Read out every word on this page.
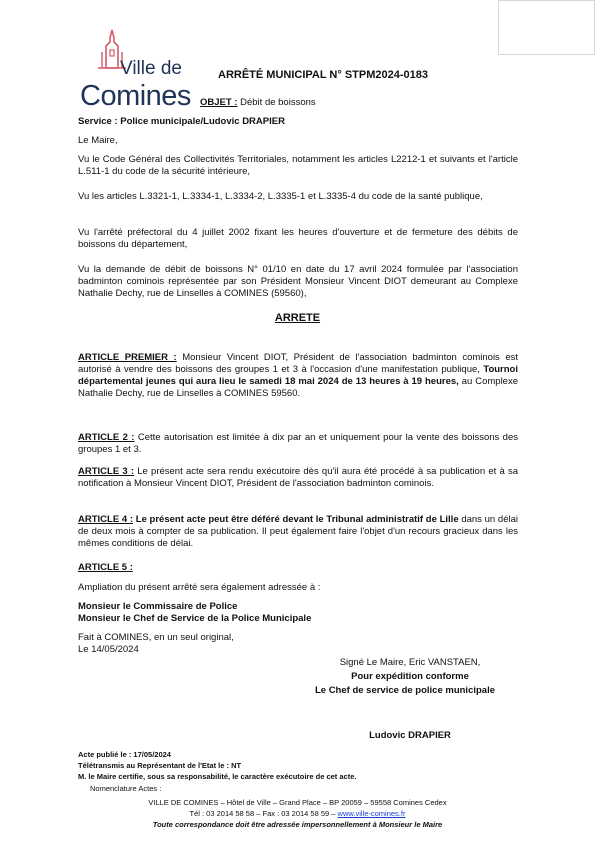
Ville de
Comines
ARRÊTÉ MUNICIPAL N° STPM2024-0183
OBJET : Débit de boissons
Service : Police municipale/Ludovic DRAPIER
Le Maire,
Vu le Code Général des Collectivités Territoriales, notamment les articles L2212-1 et suivants et l'article L.511-1 du code de la sécurité intérieure,
Vu les articles L.3321-1, L.3334-1, L.3334-2, L.3335-1 et L.3335-4 du code de la santé publique,
Vu l'arrêté préfectoral du 4 juillet 2002 fixant les heures d'ouverture et de fermeture des débits de boissons du département,
Vu la demande de débit de boissons N° 01/10 en date du 17 avril 2024 formulée par l'association badminton cominois représentée par son Président Monsieur Vincent DIOT demeurant au Complexe Nathalie Dechy, rue de Linselles à COMINES (59560),
ARRETE
ARTICLE PREMIER : Monsieur Vincent DIOT, Président de l'association badminton cominois est autorisé à vendre des boissons des groupes 1 et 3 à l'occasion d'une manifestation publique, Tournoi départemental jeunes qui aura lieu le samedi 18 mai 2024 de 13 heures à 19 heures, au Complexe Nathalie Dechy, rue de Linselles à COMINES 59560.
ARTICLE 2 : Cette autorisation est limitée à dix par an et uniquement pour la vente des boissons des groupes 1 et 3.
ARTICLE 3 : Le présent acte sera rendu exécutoire dès qu'il aura été procédé à sa publication et à sa notification à Monsieur Vincent DIOT, Président de l'association badminton cominois.
ARTICLE 4 : Le présent acte peut être déféré devant le Tribunal administratif de Lille dans un délai de deux mois à compter de sa publication. Il peut également faire l'objet d'un recours gracieux dans les mêmes conditions de délai.
ARTICLE 5 :
Ampliation du présent arrêté sera également adressée à :
Monsieur le Commissaire de Police
Monsieur le Chef de Service de la Police Municipale
Fait à COMINES, en un seul original,
Le 14/05/2024
Signé Le Maire, Eric VANSTAEN,
Pour expédition conforme
Le Chef de service de police municipale
Ludovic DRAPIER
Acte publié le : 17/05/2024
Télétransmis au Représentant de l'Etat le : NT
M. le Maire certifie, sous sa responsabilité, le caractère exécutoire de cet acte.
Nomenclature Actes :
VILLE DE COMINES – Hôtel de Ville – Grand Place – BP 20059 – 59558 Comines Cedex
Tél : 03 2014 58 58 – Fax : 03 2014 58 59 – www.ville-comines.fr
Toute correspondance doit être adressée impersonnellement à Monsieur le Maire
